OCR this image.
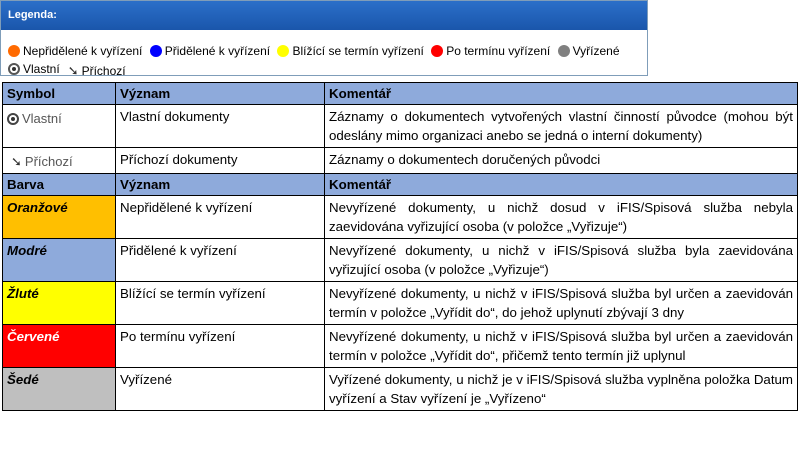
Legenda:
Nepřidělené k vyřízení
Přidělené k vyřízení
Blížící se termín vyřízení
Po termínu vyřízení
Vyřízené

Vlastní ➘ Příchozí
Symbol	Význam	Komentář

Vlastní	Vlastní dokumenty	Záznamy o dokumentech vytvořených vlastní činností původce (mohou být odeslány mimo organizaci anebo se jedná o interní dokumenty)

➘ Příchozí	Příchozí dokumenty	Záznamy o dokumentech doručených původci
Barva	Význam	Komentář
Oranžové	Nepřidělené k vyřízení	Nevyřízené dokumenty, u nichž dosud v iFIS/Spisová služba nebyla zaevidována vyřizující osoba (v položce „Vyřizuje“)
Modré	Přidělené k vyřízení	Nevyřízené dokumenty, u nichž v iFIS/Spisová služba byla zaevidována vyřizující osoba (v položce „Vyřizuje“)
Žluté	Blížící se termín vyřízení	Nevyřízené dokumenty, u nichž v iFIS/Spisová služba byl určen a zaevidován termín v položce „Vyřídit do“, do jehož uplynutí zbývají 3 dny
Červené	Po termínu vyřízení	Nevyřízené dokumenty, u nichž v iFIS/Spisová služba byl určen a zaevidován termín v položce „Vyřídit do“, přičemž tento termín již uplynul
Šedé	Vyřízené	Vyřízené dokumenty, u nichž je v iFIS/Spisová služba vyplněna položka Datum vyřízení a Stav vyřízení je „Vyřízeno“
